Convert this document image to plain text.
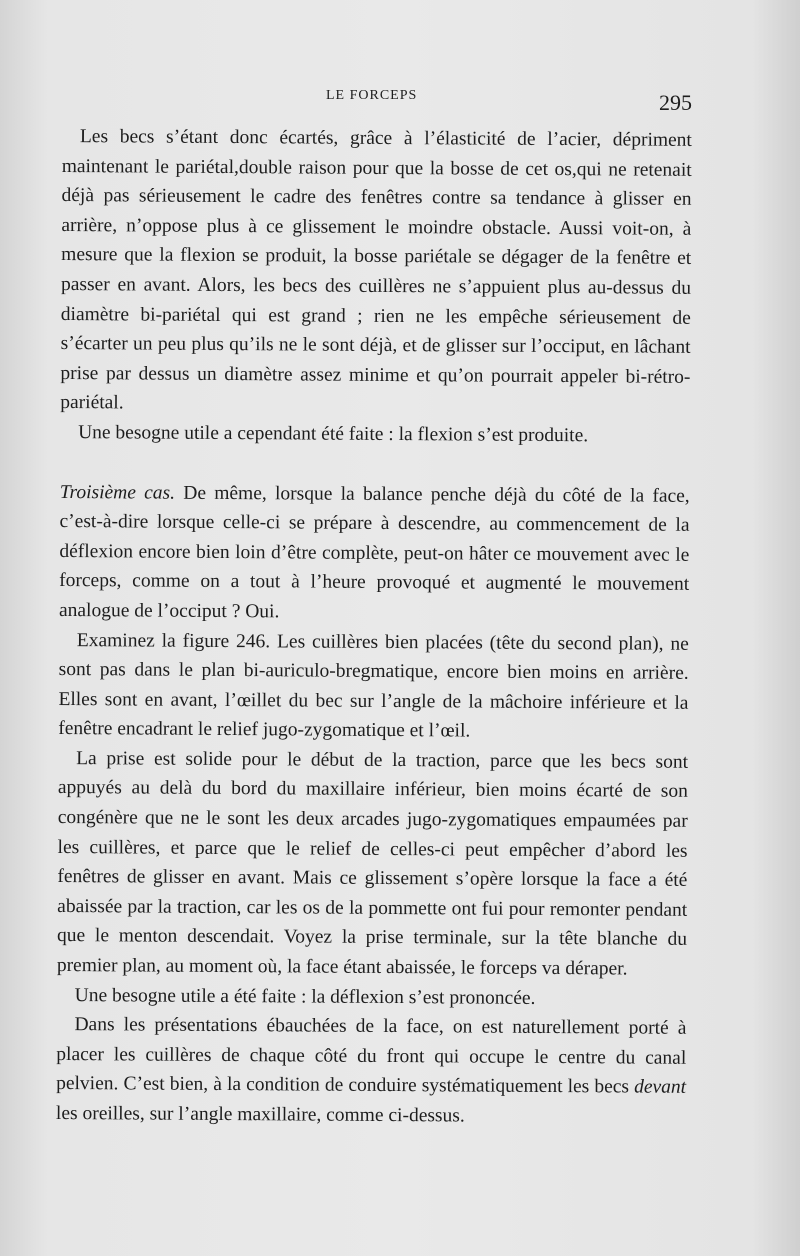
LE FORCEPS	295

Les becs s’étant donc écartés, grâce à l’élasticité de l’acier, dépriment maintenant le pariétal,double raison pour que la bosse de cet os,qui ne retenait déjà pas sérieusement le cadre des fenêtres contre sa tendance à glisser en arrière, n’oppose plus à ce glissement le moindre obstacle. Aussi voit-on, à mesure que la flexion se produit, la bosse pariétale se dégager de la fenêtre et passer en avant. Alors, les becs des cuillères ne s’appuient plus au-dessus du diamètre bi-pariétal qui est grand ; rien ne les empêche sérieusement de s’écarter un peu plus qu’ils ne le sont déjà, et de glisser sur l’occiput, en lâchant prise par dessus un diamètre assez minime et qu’on pourrait appeler bi-rétro-pariétal.

Une besogne utile a cependant été faite : la flexion s’est produite.

Troisième cas. De même, lorsque la balance penche déjà du côté de la face, c’est-à-dire lorsque celle-ci se prépare à descendre, au commencement de la déflexion encore bien loin d’être complète, peut-on hâter ce mouvement avec le forceps, comme on a tout à l’heure provoqué et augmenté le mouvement analogue de l’occiput ? Oui.

Examinez la figure 246. Les cuillères bien placées (tête du second plan), ne sont pas dans le plan bi-auriculo-bregmatique, encore bien moins en arrière. Elles sont en avant, l’œillet du bec sur l’angle de la mâchoire inférieure et la fenêtre encadrant le relief jugo-zygomatique et l’œil.

La prise est solide pour le début de la traction, parce que les becs sont appuyés au delà du bord du maxillaire inférieur, bien moins écarté de son congénère que ne le sont les deux arcades jugo-zygomatiques empaumées par les cuillères, et parce que le relief de celles-ci peut empêcher d’abord les fenêtres de glisser en avant. Mais ce glissement s’opère lorsque la face a été abaissée par la traction, car les os de la pommette ont fui pour remonter pendant que le menton descendait. Voyez la prise terminale, sur la tête blanche du premier plan, au moment où, la face étant abaissée, le forceps va déraper.

Une besogne utile a été faite : la déflexion s’est prononcée.

Dans les présentations ébauchées de la face, on est naturellement porté à placer les cuillères de chaque côté du front qui occupe le centre du canal pelvien. C’est bien, à la condition de conduire systématiquement les becs devant les oreilles, sur l’angle maxillaire, comme ci-dessus.
